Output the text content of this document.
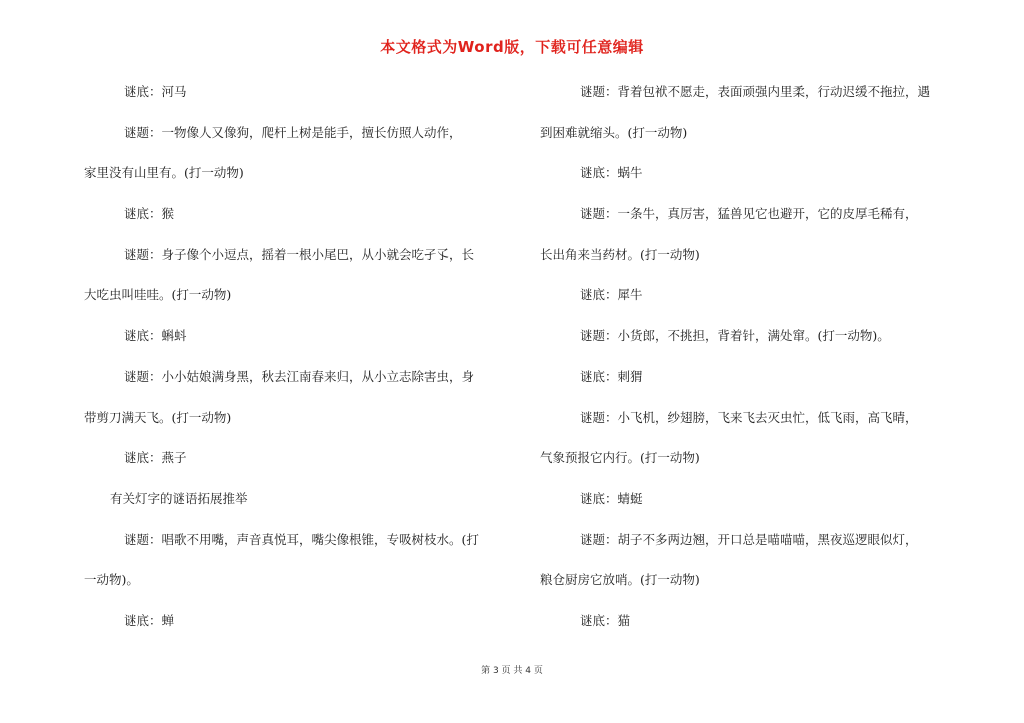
本文格式为Word版，下载可任意编辑
谜底：河马
谜题：一物像人又像狗，爬杆上树是能手，擅长仿照人动作，
家里没有山里有。(打一动物)
谜底：猴
谜题：身子像个小逗点，摇着一根小尾巴，从小就会吃孑孓，长
大吃虫叫哇哇。(打一动物)
谜底：蝌蚪
谜题：小小姑娘满身黑，秋去江南春来归，从小立志除害虫，身
带剪刀满天飞。(打一动物)
谜底：燕子
有关灯字的谜语拓展推举
谜题：唱歌不用嘴，声音真悦耳，嘴尖像根锥，专吸树枝水。(打
一动物)。
谜底：蝉
谜题：背着包袱不愿走，表面顽强内里柔，行动迟缓不拖拉，遇
到困难就缩头。(打一动物)
谜底：蜗牛
谜题：一条牛，真厉害，猛兽见它也避开，它的皮厚毛稀有，
长出角来当药材。(打一动物)
谜底：犀牛
谜题：小货郎，不挑担，背着针，满处窜。(打一动物)。
谜底：刺猬
谜题：小飞机，纱翅膀，飞来飞去灭虫忙，低飞雨，高飞晴，
气象预报它内行。(打一动物)
谜底：蜻蜓
谜题：胡子不多两边翘，开口总是喵喵喵，黑夜巡逻眼似灯，
粮仓厨房它放哨。(打一动物)
谜底：猫
第 3 页 共 4 页
